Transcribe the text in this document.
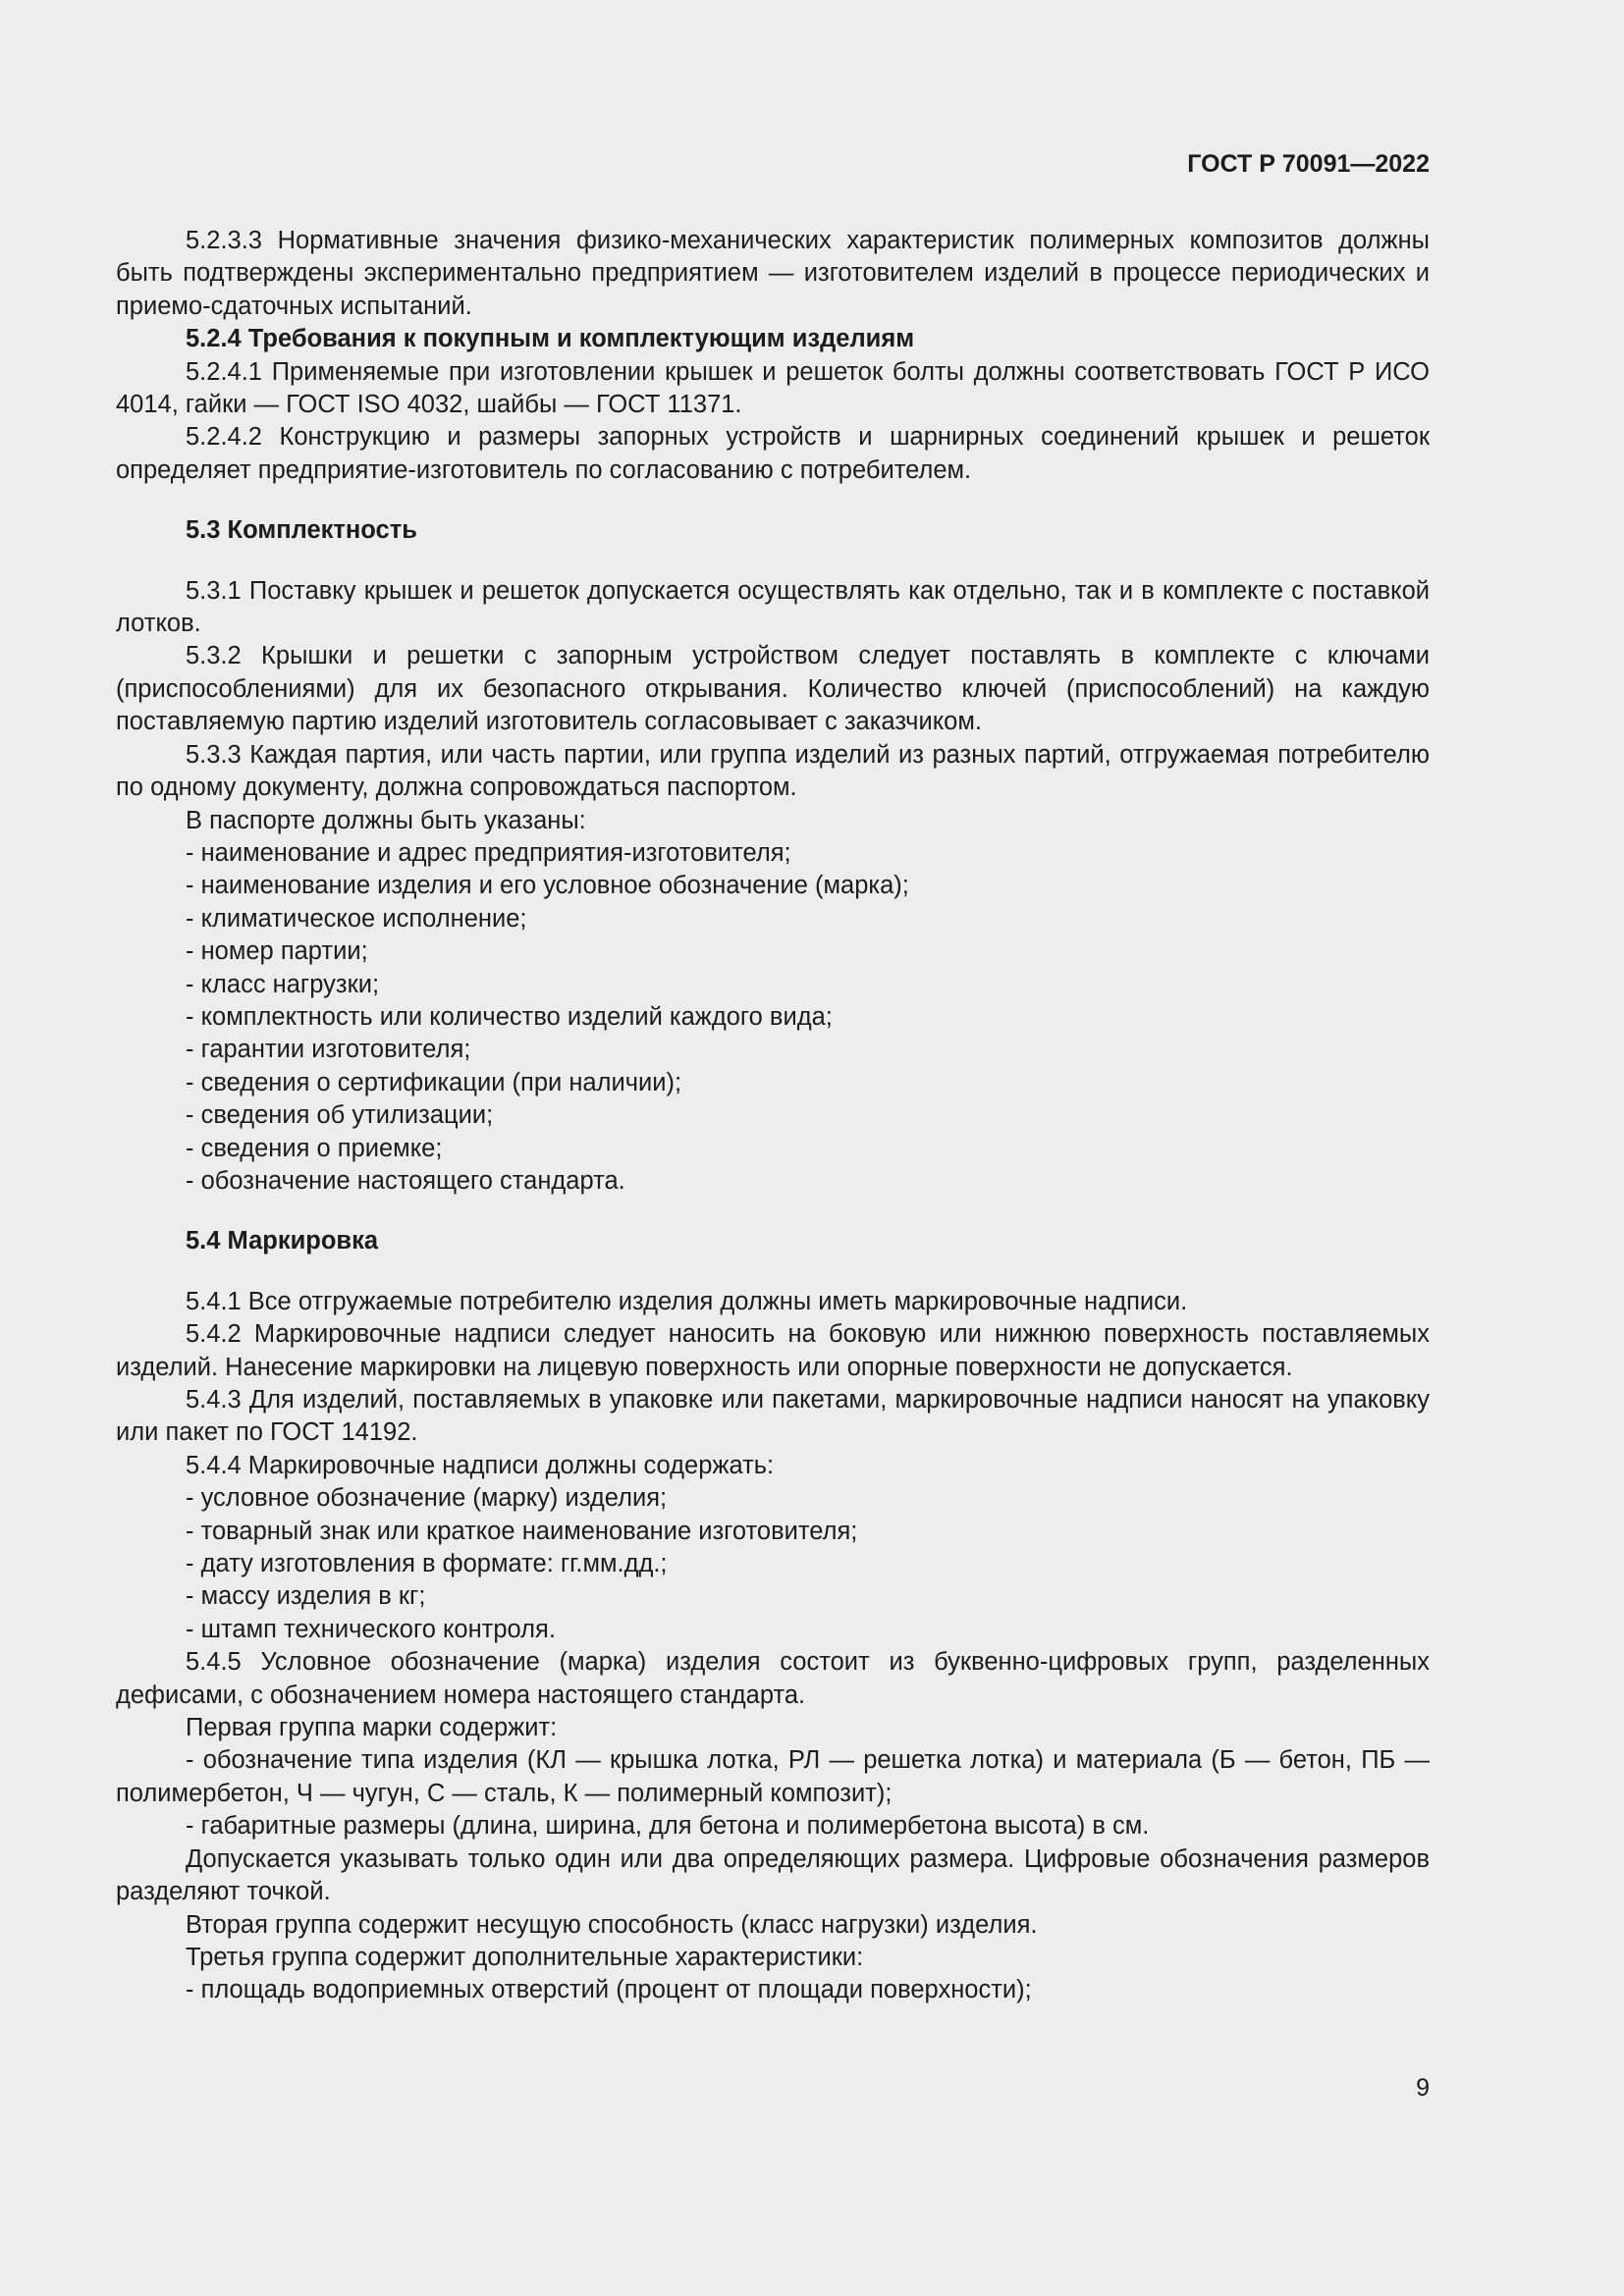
ГОСТ Р 70091—2022

5.2.3.3 Нормативные значения физико-механических характеристик полимерных композитов должны быть подтверждены экспериментально предприятием — изготовителем изделий в процессе периодических и приемо-сдаточных испытаний.

5.2.4 Требования к покупным и комплектующим изделиям

5.2.4.1 Применяемые при изготовлении крышек и решеток болты должны соответствовать ГОСТ Р ИСО 4014, гайки — ГОСТ ISO 4032, шайбы — ГОСТ 11371.

5.2.4.2 Конструкцию и размеры запорных устройств и шарнирных соединений крышек и решеток определяет предприятие-изготовитель по согласованию с потребителем.

5.3 Комплектность

5.3.1 Поставку крышек и решеток допускается осуществлять как отдельно, так и в комплекте с поставкой лотков.

5.3.2 Крышки и решетки с запорным устройством следует поставлять в комплекте с ключами (приспособлениями) для их безопасного открывания. Количество ключей (приспособлений) на каждую поставляемую партию изделий изготовитель согласовывает с заказчиком.

5.3.3 Каждая партия, или часть партии, или группа изделий из разных партий, отгружаемая потребителю по одному документу, должна сопровождаться паспортом.

В паспорте должны быть указаны:

- наименование и адрес предприятия-изготовителя;

- наименование изделия и его условное обозначение (марка);

- климатическое исполнение;

- номер партии;

- класс нагрузки;

- комплектность или количество изделий каждого вида;

- гарантии изготовителя;

- сведения о сертификации (при наличии);

- сведения об утилизации;

- сведения о приемке;

- обозначение настоящего стандарта.

5.4 Маркировка

5.4.1 Все отгружаемые потребителю изделия должны иметь маркировочные надписи.

5.4.2 Маркировочные надписи следует наносить на боковую или нижнюю поверхность поставляемых изделий. Нанесение маркировки на лицевую поверхность или опорные поверхности не допускается.

5.4.3 Для изделий, поставляемых в упаковке или пакетами, маркировочные надписи наносят на упаковку или пакет по ГОСТ 14192.

5.4.4 Маркировочные надписи должны содержать:

- условное обозначение (марку) изделия;

- товарный знак или краткое наименование изготовителя;

- дату изготовления в формате: гг.мм.дд.;

- массу изделия в кг;

- штамп технического контроля.

5.4.5 Условное обозначение (марка) изделия состоит из буквенно-цифровых групп, разделенных дефисами, с обозначением номера настоящего стандарта.

Первая группа марки содержит:

- обозначение типа изделия (КЛ — крышка лотка, РЛ — решетка лотка) и материала (Б — бетон, ПБ — полимербетон, Ч — чугун, С — сталь, К — полимерный композит);

- габаритные размеры (длина, ширина, для бетона и полимербетона высота) в см.

Допускается указывать только один или два определяющих размера. Цифровые обозначения размеров разделяют точкой.

Вторая группа содержит несущую способность (класс нагрузки) изделия.

Третья группа содержит дополнительные характеристики:

- площадь водоприемных отверстий (процент от площади поверхности);

9
